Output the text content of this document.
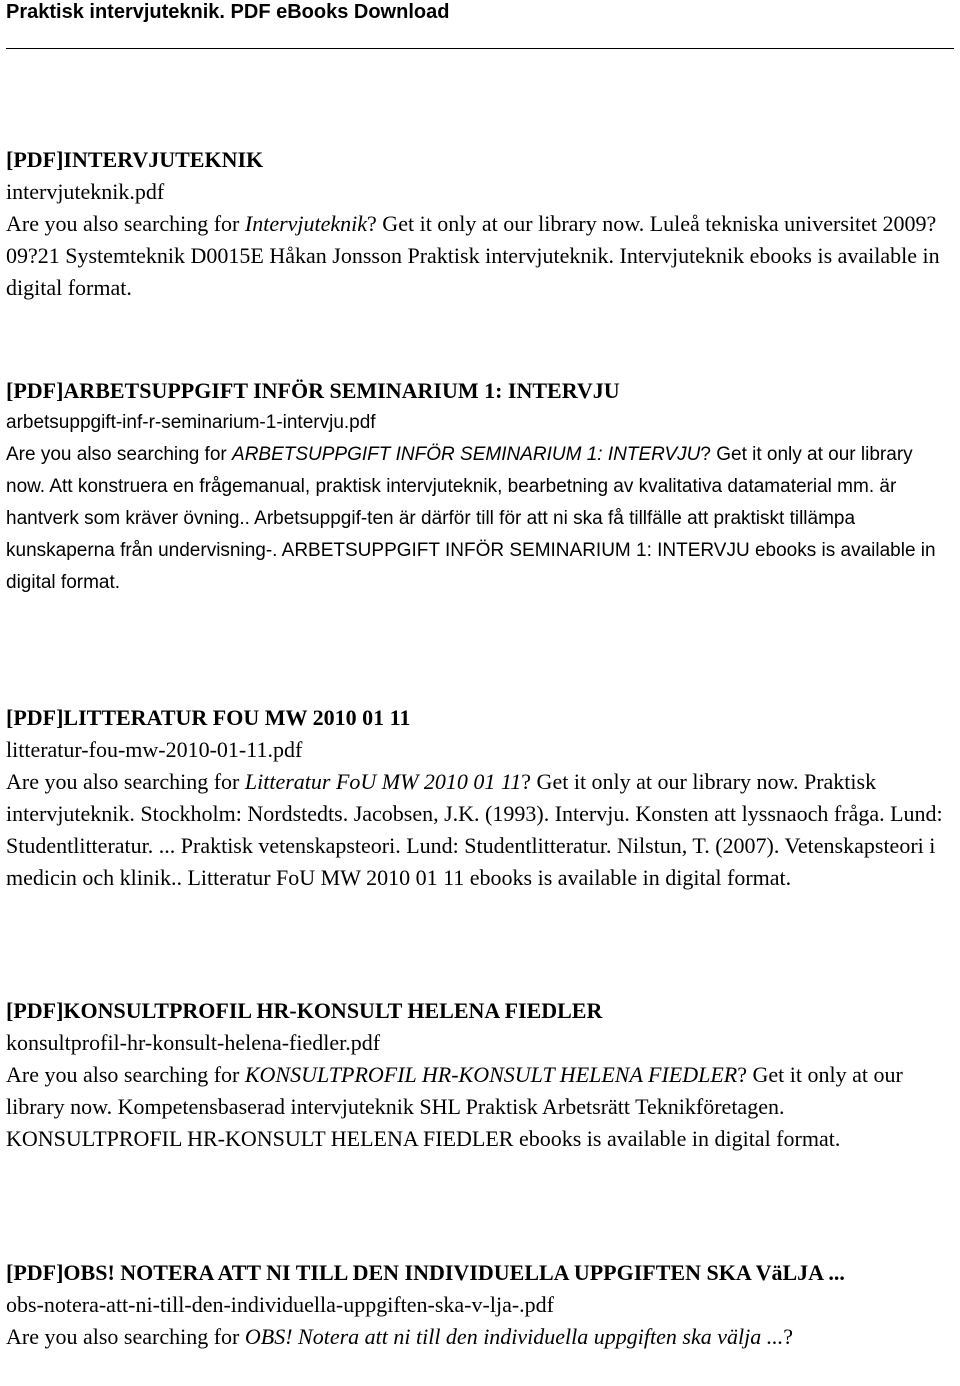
Praktisk intervjuteknik. PDF eBooks Download

[PDF]INTERVJUTEKNIK

intervjuteknik.pdf

Are you also searching for Intervjuteknik? Get it only at our library now. Luleå tekniska universitet 2009?09?21 Systemteknik D0015E Håkan Jonsson Praktisk intervjuteknik. Intervjuteknik ebooks is available in digital format.

[PDF]ARBETSUPPGIFT INFÖR SEMINARIUM 1: INTERVJU

arbetsuppgift-inf-r-seminarium-1-intervju.pdf

Are you also searching for ARBETSUPPGIFT INFÖR SEMINARIUM 1: INTERVJU? Get it only at our library now. Att konstruera en frågemanual, praktisk intervjuteknik, bearbetning av kvalitativa datamaterial mm. är hantverk som kräver övning.. Arbetsuppgif-ten är därför till för att ni ska få tillfälle att praktiskt tillämpa kunskaperna från undervisning-. ARBETSUPPGIFT INFÖR SEMINARIUM 1: INTERVJU ebooks is available in digital format.

[PDF]LITTERATUR FOU MW 2010 01 11

litteratur-fou-mw-2010-01-11.pdf

Are you also searching for Litteratur FoU MW 2010 01 11? Get it only at our library now. Praktisk intervjuteknik. Stockholm: Nordstedts. Jacobsen, J.K. (1993). Intervju. Konsten att lyssnaoch fråga. Lund: Studentlitteratur. ... Praktisk vetenskapsteori. Lund: Studentlitteratur. Nilstun, T. (2007). Vetenskapsteori i medicin och klinik.. Litteratur FoU MW 2010 01 11 ebooks is available in digital format.

[PDF]KONSULTPROFIL HR-KONSULT HELENA FIEDLER

konsultprofil-hr-konsult-helena-fiedler.pdf

Are you also searching for KONSULTPROFIL HR-KONSULT HELENA FIEDLER? Get it only at our library now. Kompetensbaserad intervjuteknik SHL Praktisk Arbetsrätt Teknikföretagen. KONSULTPROFIL HR-KONSULT HELENA FIEDLER ebooks is available in digital format.

[PDF]OBS! NOTERA ATT NI TILL DEN INDIVIDUELLA UPPGIFTEN SKA VäLJA ...

obs-notera-att-ni-till-den-individuella-uppgiften-ska-v-lja-.pdf

Are you also searching for OBS! Notera att ni till den individuella uppgiften ska välja ...?
